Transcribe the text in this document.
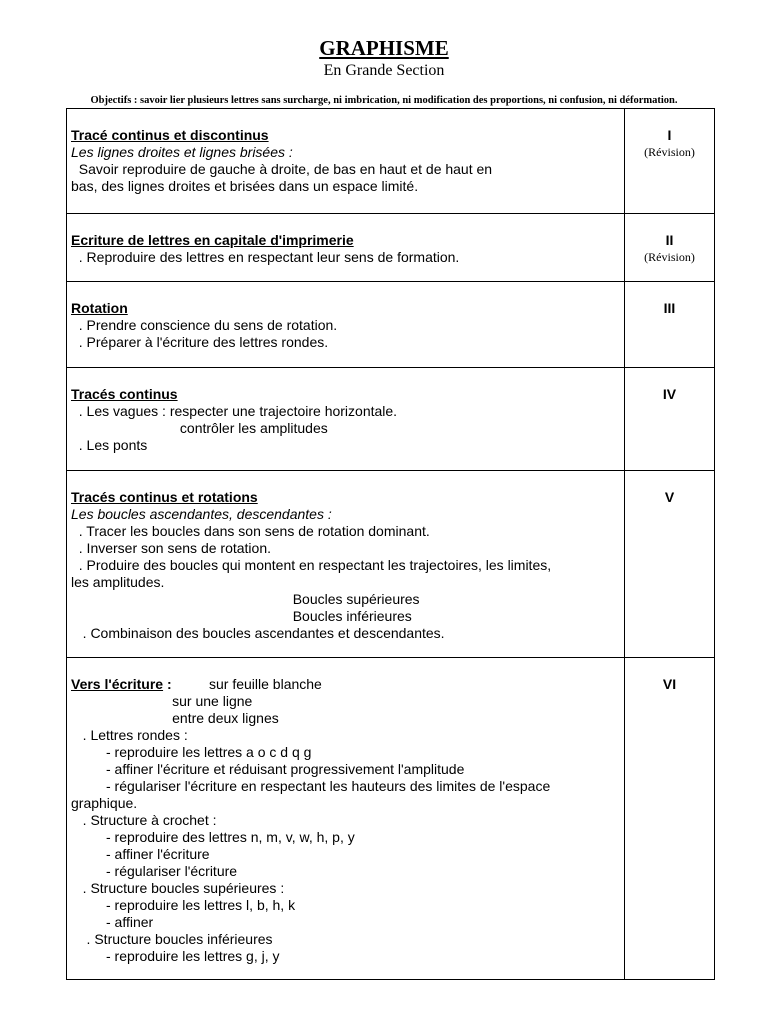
GRAPHISME
En Grande Section
Objectifs : savoir lier plusieurs lettres sans surcharge, ni imbrication, ni modification des proportions, ni confusion, ni déformation.
Tracé continus et discontinus
Les lignes droites et lignes brisées :
Savoir reproduire de gauche à droite, de bas en haut et de haut en
bas, des lignes droites et brisées dans un espace limité.
I
(Révision)
Ecriture de lettres en capitale d'imprimerie
. Reproduire des lettres en respectant leur sens de formation.
II
(Révision)
Rotation
. Prendre conscience du sens de rotation.
. Préparer à l'écriture des lettres rondes.
III
Tracés continus
. Les vagues : respecter une trajectoire horizontale.
contrôler les amplitudes
. Les ponts
IV
Tracés continus et rotations
Les boucles ascendantes, descendantes :
. Tracer les boucles dans son sens de rotation dominant.
. Inverser son sens de rotation.
. Produire des boucles qui montent en respectant les trajectoires, les limites,
les amplitudes.
Boucles supérieures
Boucles inférieures
. Combinaison des boucles ascendantes et descendantes.
V
Vers l'écriture :	sur feuille blanche
sur une ligne
entre deux lignes
. Lettres rondes :
- reproduire les lettres a o c d q g
- affiner l'écriture et réduisant progressivement l'amplitude
- régulariser l'écriture en respectant les hauteurs des limites de l'espace
graphique.
. Structure à crochet :
- reproduire des lettres n, m, v, w, h, p, y
- affiner l'écriture
- régulariser l'écriture
. Structure boucles supérieures :
- reproduire les lettres l, b, h, k
- affiner
. Structure boucles inférieures
- reproduire les lettres g, j, y
VI
